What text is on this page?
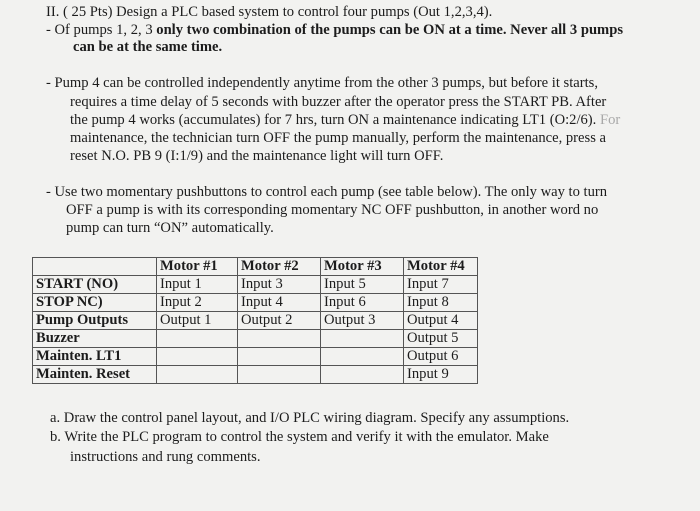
II. ( 25 Pts) Design a PLC based system to control four pumps (Out 1,2,3,4).
- Of pumps 1, 2, 3 only two combination of the pumps can be ON at a time. Never all 3 pumps
can be at the same time.
- Pump 4 can be controlled independently anytime from the other 3 pumps, but before it starts,
requires a time delay of 5 seconds with buzzer after the operator press the START PB. After
the pump 4 works (accumulates) for 7 hrs, turn ON a maintenance indicating LT1 (O:2/6). For
maintenance, the technician turn OFF the pump manually, perform the maintenance, press a
reset N.O. PB 9 (I:1/9) and the maintenance light will turn OFF.
- Use two momentary pushbuttons to control each pump (see table below). The only way to turn
OFF a pump is with its corresponding momentary NC OFF pushbutton, in another word no
pump can turn “ON” automatically.
	Motor #1	Motor #2	Motor #3	Motor #4
START (NO)	Input 1	Input 3	Input 5	Input 7
STOP NC)	Input 2	Input 4	Input 6	Input 8
Pump Outputs	Output 1	Output 2	Output 3	Output 4
Buzzer				Output 5
Mainten. LT1				Output 6
Mainten. Reset				Input 9
a. Draw the control panel layout, and I/O PLC wiring diagram. Specify any assumptions.
b. Write the PLC program to control the system and verify it with the emulator. Make
instructions and rung comments.
